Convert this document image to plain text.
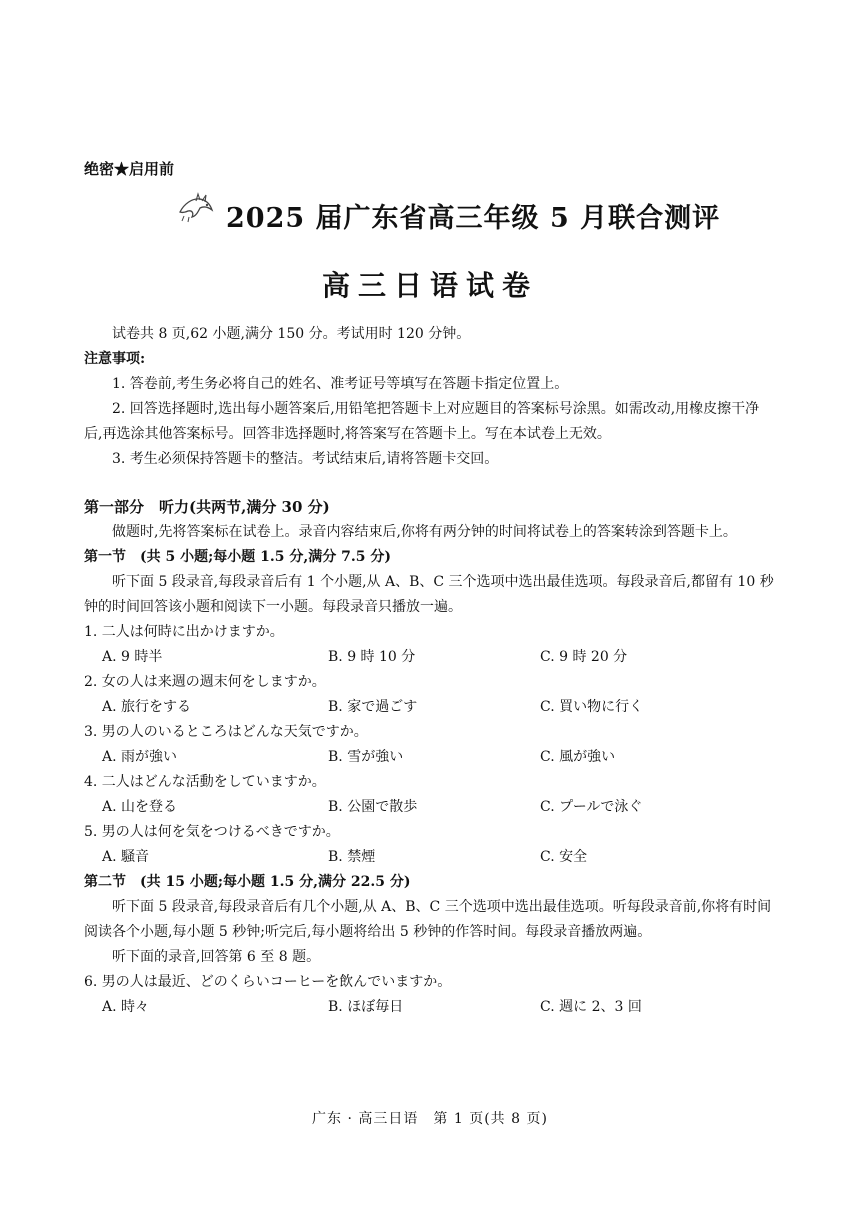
绝密★启用前
2025 届广东省高三年级 5 月联合测评
高三日语试卷

试卷共 8 页,62 小题,满分 150 分。考试用时 120 分钟。

注意事项:

1. 答卷前,考生务必将自己的姓名、准考证号等填写在答题卡指定位置上。

2. 回答选择题时,选出每小题答案后,用铅笔把答题卡上对应题目的答案标号涂黑。如需改动,用橡皮擦干净后,再选涂其他答案标号。回答非选择题时,将答案写在答题卡上。写在本试卷上无效。

3. 考生必须保持答题卡的整洁。考试结束后,请将答题卡交回。

第一部分　听力(共两节,满分 30 分)

做题时,先将答案标在试卷上。录音内容结束后,你将有两分钟的时间将试卷上的答案转涂到答题卡上。

第一节　(共 5 小题;每小题 1.5 分,满分 7.5 分)

听下面 5 段录音,每段录音后有 1 个小题,从 A、B、C 三个选项中选出最佳选项。每段录音后,都留有 10 秒钟的时间回答该小题和阅读下一小题。每段录音只播放一遍。

1. 二人は何時に出かけますか。

A. 9 時半	B. 9 時 10 分	C. 9 時 20 分

2. 女の人は来週の週末何をしますか。

A. 旅行をする	B. 家で過ごす	C. 買い物に行く

3. 男の人のいるところはどんな天気ですか。

A. 雨が強い	B. 雪が強い	C. 風が強い

4. 二人はどんな活動をしていますか。

A. 山を登る	B. 公園で散歩	C. プールで泳ぐ

5. 男の人は何を気をつけるべきですか。

A. 騒音	B. 禁煙	C. 安全

第二节　(共 15 小题;每小题 1.5 分,满分 22.5 分)

听下面 5 段录音,每段录音后有几个小题,从 A、B、C 三个选项中选出最佳选项。听每段录音前,你将有时间阅读各个小题,每小题 5 秒钟;听完后,每小题将给出 5 秒钟的作答时间。每段录音播放两遍。

听下面的录音,回答第 6 至 8 题。

6. 男の人は最近、どのくらいコーヒーを飲んでいますか。

A. 時々	B. ほぼ毎日	C. 週に 2、3 回
广东 · 高三日语　第 1 页(共 8 页)
